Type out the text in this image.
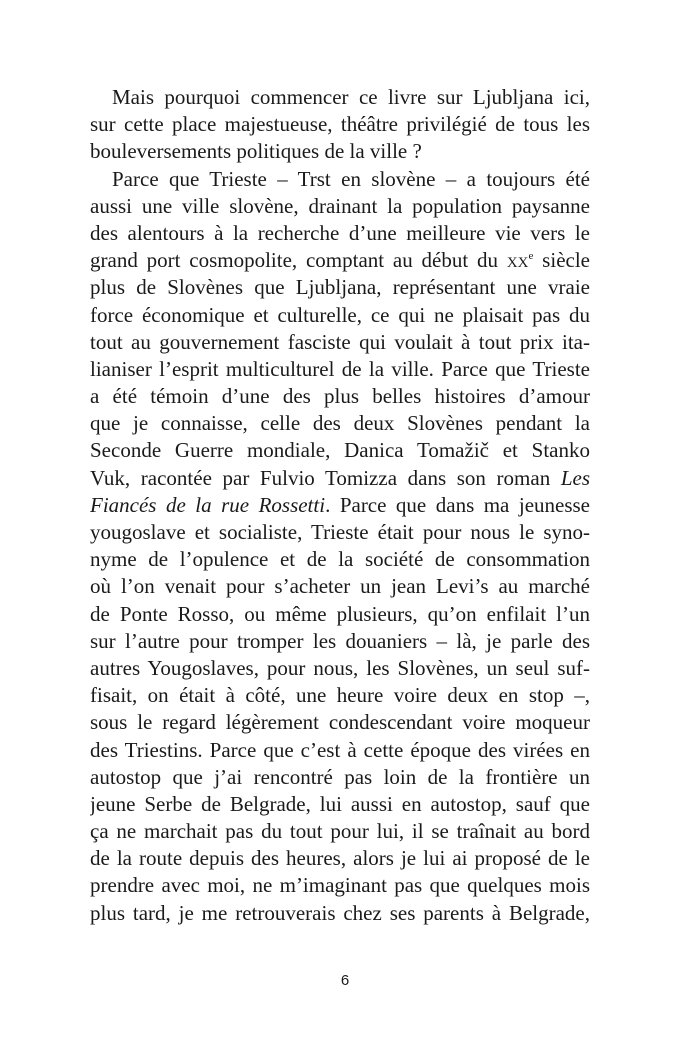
Mais pourquoi commencer ce livre sur Ljubljana ici,
sur cette place majestueuse, théâtre privilégié de tous les
bouleversements politiques de la ville ?
Parce que Trieste – Trst en slovène – a toujours été
aussi une ville slovène, drainant la population paysanne
des alentours à la recherche d’une meilleure vie vers le
grand port cosmopolite, comptant au début du $xx^e$ siècle
plus de Slovènes que Ljubljana, représentant une vraie
force économique et culturelle, ce qui ne plaisait pas du
tout au gouvernement fasciste qui voulait à tout prix ita-
lianiser l’esprit multiculturel de la ville. Parce que Trieste
a été témoin d’une des plus belles histoires d’amour
que je connaisse, celle des deux Slovènes pendant la
Seconde Guerre mondiale, Danica Tomažič et Stanko
Vuk, racontée par Fulvio Tomizza dans son roman Les
Fiancés de la rue Rossetti. Parce que dans ma jeunesse
yougoslave et socialiste, Trieste était pour nous le syno-
nyme de l’opulence et de la société de consommation
où l’on venait pour s’acheter un jean Levi’s au marché
de Ponte Rosso, ou même plusieurs, qu’on enfilait l’un
sur l’autre pour tromper les douaniers – là, je parle des
autres Yougoslaves, pour nous, les Slovènes, un seul suf-
fisait, on était à côté, une heure voire deux en stop –,
sous le regard légèrement condescendant voire moqueur
des Triestins. Parce que c’est à cette époque des virées en
autostop que j’ai rencontré pas loin de la frontière un
jeune Serbe de Belgrade, lui aussi en autostop, sauf que
ça ne marchait pas du tout pour lui, il se traînait au bord
de la route depuis des heures, alors je lui ai proposé de le
prendre avec moi, ne m’imaginant pas que quelques mois
plus tard, je me retrouverais chez ses parents à Belgrade,
6
